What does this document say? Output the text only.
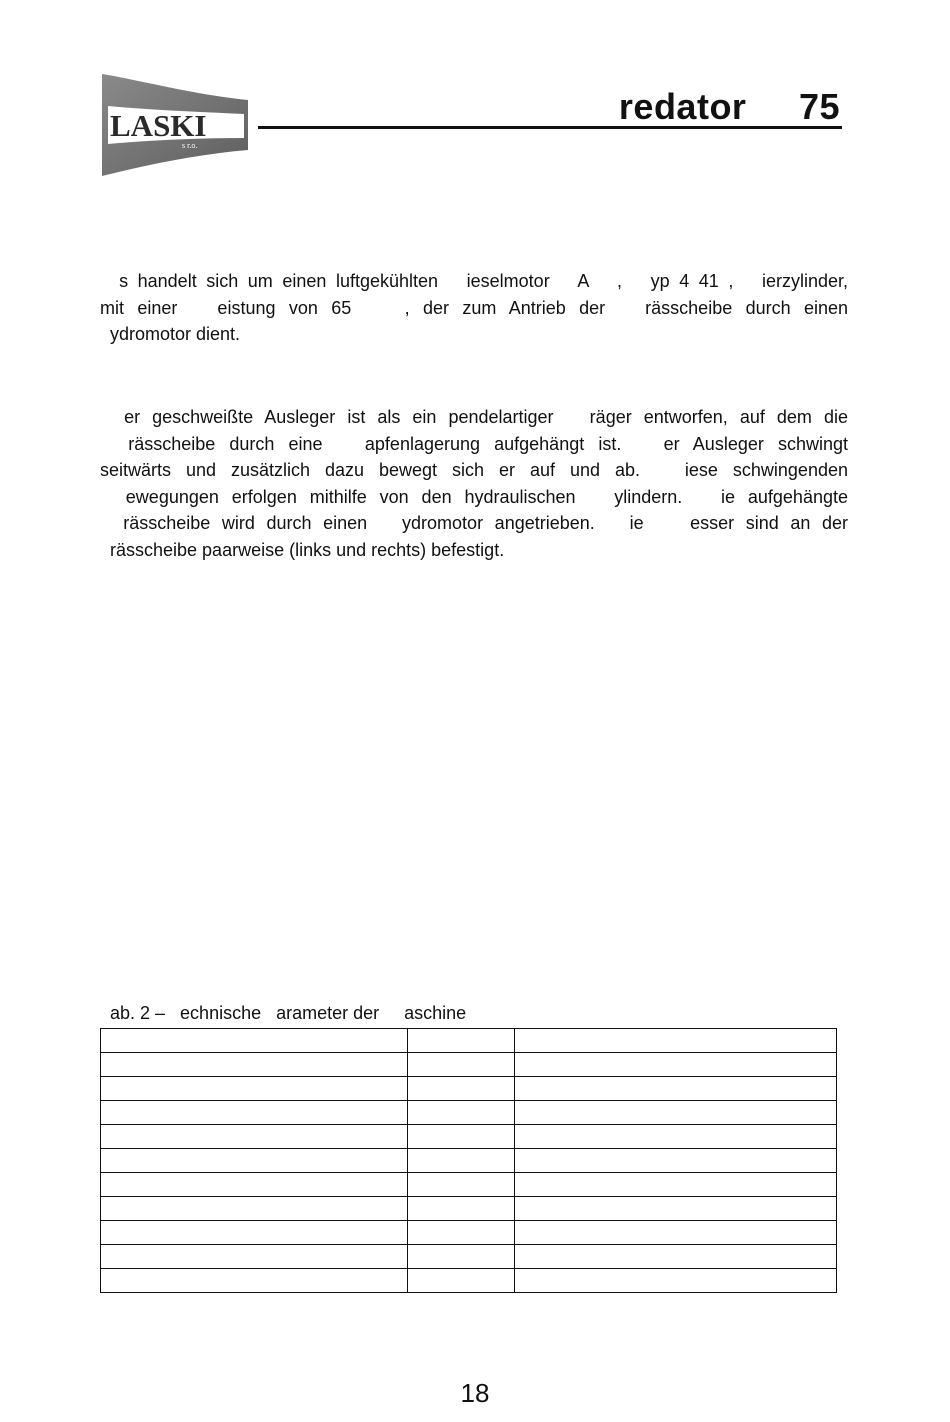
LASKI
s r.o.
redator     75
s handelt sich um einen luftgekühlten   ieselmotor   A   ,   yp 4 41 ,   ierzylinder,
mit einer   eistung von 65    , der zum Antrieb der   rässcheibe durch einen
ydromotor dient.
er geschweißte Ausleger ist als ein pendelartiger   räger entworfen, auf dem die
rässcheibe durch eine   apfenlagerung aufgehängt ist.   er Ausleger schwingt
seitwärts und zusätzlich dazu bewegt sich er auf und ab.   iese schwingenden
ewegungen erfolgen mithilfe von den hydraulischen   ylindern.   ie aufgehängte
rässcheibe wird durch einen   ydromotor angetrieben.   ie    esser sind an der
rässcheibe paarweise (links und rechts) befestigt.
ab. 2 –   echnische   arameter der     aschine

18
